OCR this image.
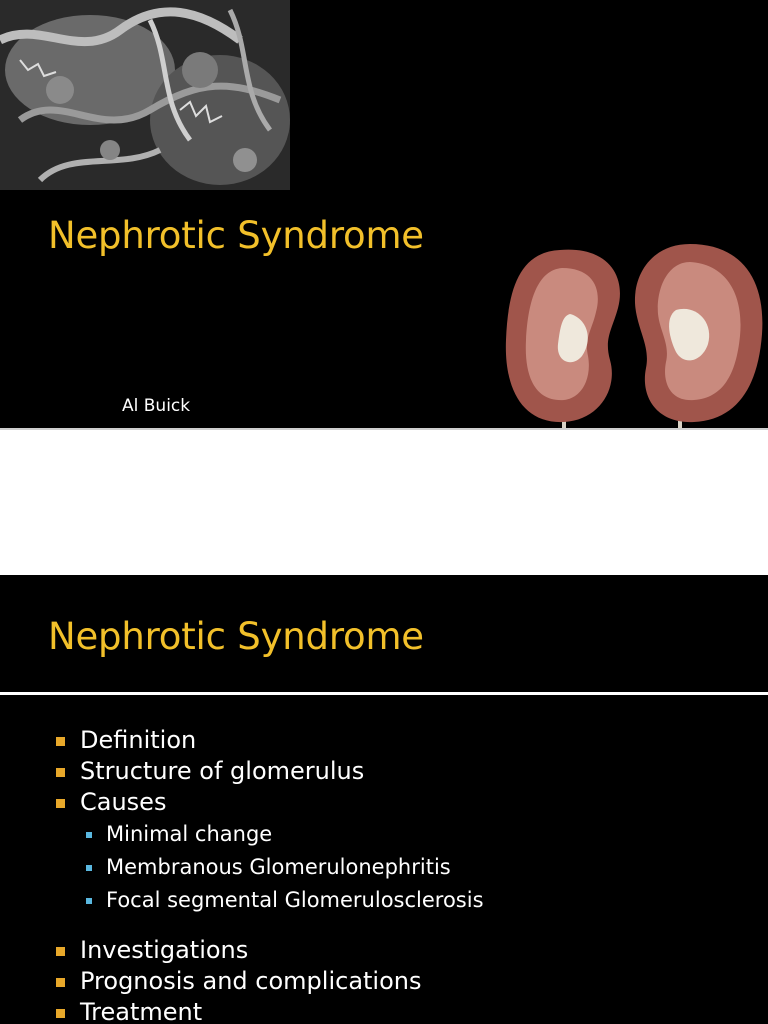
Nephrotic Syndrome
Al Buick
Nephrotic Syndrome
Definition
Structure of glomerulus
Causes
Minimal change
Membranous Glomerulonephritis
Focal segmental Glomerulosclerosis
Investigations
Prognosis and complications
Treatment
